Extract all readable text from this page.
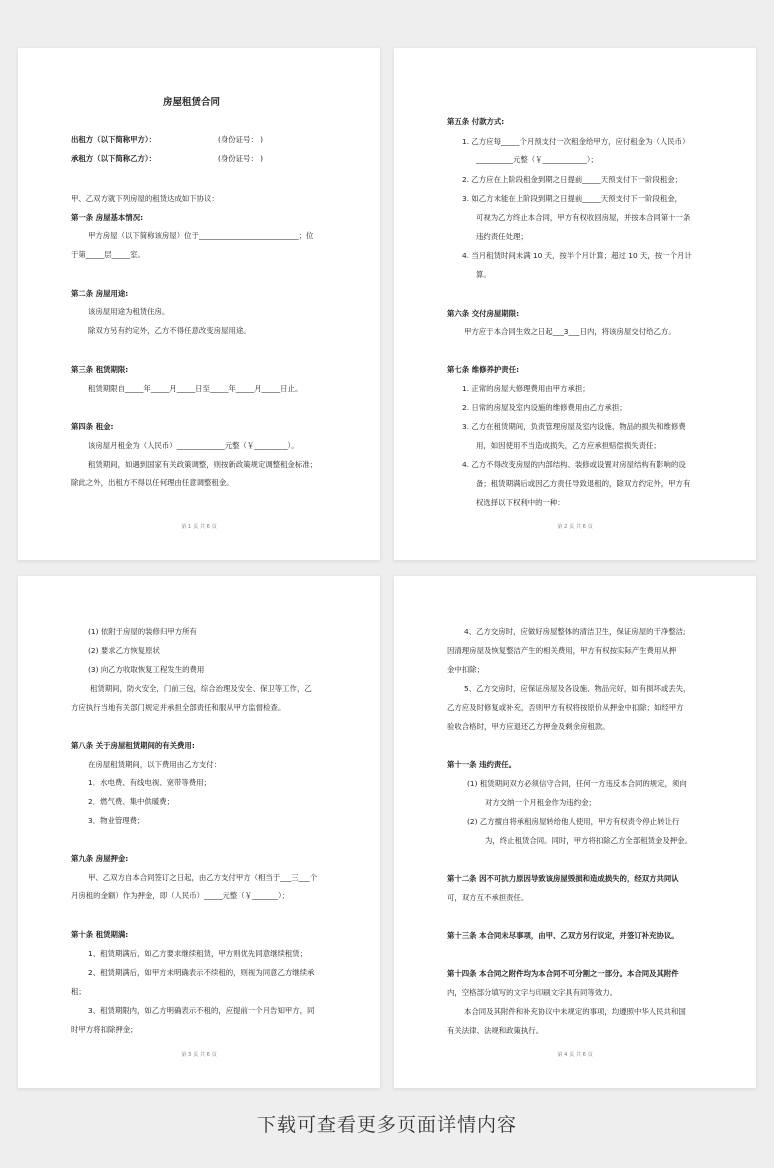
房屋租赁合同
出租方（以下简称甲方）：	(身份证号： )
承租方（以下简称乙方）：	(身份证号： )
甲、乙双方就下列房屋的租赁达成如下协议：
第一条 房屋基本情况:
甲方房屋（以下简称该房屋）位于___________________________；位
于第_____层_____室。
第二条 房屋用途:
该房屋用途为租赁住房。
除双方另有约定外，乙方不得任意改变房屋用途。
第三条 租赁期限:
租赁期限自_____年_____月_____日至_____年_____月_____日止。
第四条 租金:
该房屋月租金为（人民币）_____________元整（￥_________）。
租赁期间，如遇到国家有关政策调整，则按新政策规定调整租金标准；
除此之外，出租方不得以任何理由任意调整租金。
第 1 页 共 6 页
第五条 付款方式:
1. 乙方应每_____个月预支付一次租金给甲方，应付租金为（人民币）
__________元整（￥____________）；
2. 乙方应在上阶段租金到期之日提前_____天预支付下一阶段租金；
3. 如乙方未能在上阶段到期之日提前_____天预支付下一阶段租金，
可视为乙方终止本合同，甲方有权收回房屋，并按本合同第十一条
违约责任处理；
4. 当月租赁时间未满 10 天，按半个月计算；超过 10 天，按一个月计
算。
第六条 交付房屋期限:
甲方应于本合同生效之日起___3___日内，将该房屋交付给乙方。
第七条 维修养护责任:
1. 正常的房屋大修理费用由甲方承担；
2. 日常的房屋及室内设施的维修费用由乙方承担；
3. 乙方在租赁期间，负责管理房屋及室内设施、物品的损失和维修费
用，如因使用不当造成损失，乙方应承担赔偿损失责任；
4. 乙方不得改变房屋的内部结构、装修或设置对房屋结构有影响的设
备；租赁期满后或因乙方责任导致退租的，除双方约定外，甲方有
权选择以下权利中的一种：
第 2 页 共 6 页
(1) 依附于房屋的装修归甲方所有
(2) 要求乙方恢复原状
(3) 向乙方收取恢复工程发生的费用
租赁期间，防火安全，门前三包，综合治理及安全、保卫等工作，乙
方应执行当地有关部门规定并承担全部责任和服从甲方监督检查。
第八条 关于房屋租赁期间的有关费用:
在房屋租赁期间，以下费用由乙方支付：
1．水电费、有线电视、宽带等费用；
2．燃气费、集中供暖费；
3．物业管理费；
第九条 房屋押金:
甲、乙双方自本合同签订之日起，由乙方支付甲方（相当于___三___个
月房租的金额）作为押金，即（人民币）_____元整（￥_______）；
第十条 租赁期满:
1、租赁期满后，如乙方要求继续租赁，甲方则优先同意继续租赁；
2、租赁期满后，如甲方未明确表示不续租的，则视为同意乙方继续承
租；
3、租赁期限内，如乙方明确表示不租的，应提前一个月告知甲方，同
时甲方将扣除押金；
第 3 页 共 6 页
4、乙方交房时，应做好房屋整体的清洁卫生，保证房屋的干净整洁;
因清理房屋及恢复整洁产生的相关费用，甲方有权按实际产生费用从押
金中扣除；
5、乙方交房时，应保证房屋及各设施、物品完好，如有损坏或丢失，
乙方应及时修复或补充，否则甲方有权将按原价从押金中扣除；如经甲方
验收合格时，甲方应退还乙方押金及剩余房租款。
第十一条 违约责任。
(1) 租赁期间双方必须信守合同，任何一方违反本合同的规定，须向
对方交纳一个月租金作为违约金；
(2) 乙方擅自将承租房屋转给他人使用，甲方有权责令停止转让行
为，终止租赁合同。同时，甲方将扣除乙方全部租赁金及押金。
第十二条 因不可抗力原因导致该房屋毁损和造成损失的，经双方共同认
可，双方互不承担责任。
第十三条 本合同未尽事项，由甲、乙双方另行议定，并签订补充协议。
第十四条 本合同之附件均为本合同不可分割之一部分。本合同及其附件
内，空格部分填写的文字与印刷文字具有同等效力。
本合同及其附件和补充协议中未规定的事项，均遵照中华人民共和国
有关法律、法规和政策执行。
第 4 页 共 6 页
下载可查看更多页面详情内容
